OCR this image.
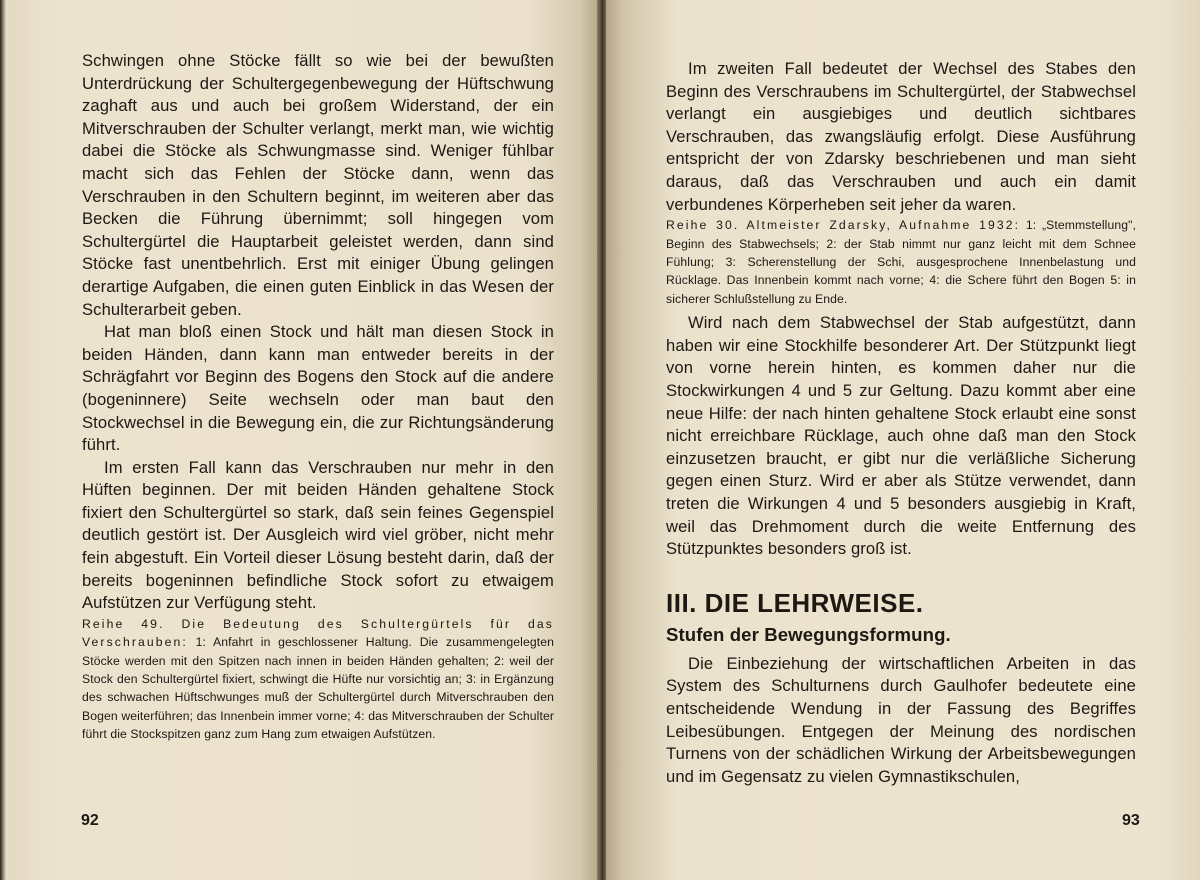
Schwingen ohne Stöcke fällt so wie bei der bewußten Unterdrückung der Schultergegenbewegung der Hüftschwung zaghaft aus und auch bei großem Widerstand, der ein Mitverschrauben der Schulter verlangt, merkt man, wie wichtig dabei die Stöcke als Schwungmasse sind. Weniger fühlbar macht sich das Fehlen der Stöcke dann, wenn das Verschrauben in den Schultern beginnt, im weiteren aber das Becken die Führung übernimmt; soll hingegen vom Schultergürtel die Hauptarbeit geleistet werden, dann sind Stöcke fast unentbehrlich. Erst mit einiger Übung gelingen derartige Aufgaben, die einen guten Einblick in das Wesen der Schulterarbeit geben.

Hat man bloß einen Stock und hält man diesen Stock in beiden Händen, dann kann man entweder bereits in der Schrägfahrt vor Beginn des Bogens den Stock auf die andere (bogeninnere) Seite wechseln oder man baut den Stockwechsel in die Bewegung ein, die zur Richtungsänderung führt.

Im ersten Fall kann das Verschrauben nur mehr in den Hüften beginnen. Der mit beiden Händen gehaltene Stock fixiert den Schultergürtel so stark, daß sein feines Gegenspiel deutlich gestört ist. Der Ausgleich wird viel gröber, nicht mehr fein abgestuft. Ein Vorteil dieser Lösung besteht darin, daß der bereits bogeninnen befindliche Stock sofort zu etwaigem Aufstützen zur Verfügung steht.

Reihe 49. Die Bedeutung des Schultergürtels für das Verschrauben: 1: Anfahrt in geschlossener Haltung. Die zusammengelegten Stöcke werden mit den Spitzen nach innen in beiden Händen gehalten; 2: weil der Stock den Schultergürtel fixiert, schwingt die Hüfte nur vorsichtig an; 3: in Ergänzung des schwachen Hüftschwunges muß der Schultergürtel durch Mitverschrauben den Bogen weiterführen; das Innenbein immer vorne; 4: das Mitverschrauben der Schulter führt die Stockspitzen ganz zum Hang zum etwaigen Aufstützen.

92

Im zweiten Fall bedeutet der Wechsel des Stabes den Beginn des Verschraubens im Schultergürtel, der Stabwechsel verlangt ein ausgiebiges und deutlich sichtbares Verschrauben, das zwangsläufig erfolgt. Diese Ausführung entspricht der von Zdarsky beschriebenen und man sieht daraus, daß das Verschrauben und auch ein damit verbundenes Körperheben seit jeher da waren.

Reihe 30. Altmeister Zdarsky, Aufnahme 1932: 1: „Stemmstellung", Beginn des Stabwechsels; 2: der Stab nimmt nur ganz leicht mit dem Schnee Fühlung; 3: Scherenstellung der Schi, ausgesprochene Innenbelastung und Rücklage. Das Innenbein kommt nach vorne; 4: die Schere führt den Bogen 5: in sicherer Schlußstellung zu Ende.

Wird nach dem Stabwechsel der Stab aufgestützt, dann haben wir eine Stockhilfe besonderer Art. Der Stützpunkt liegt von vorne herein hinten, es kommen daher nur die Stockwirkungen 4 und 5 zur Geltung. Dazu kommt aber eine neue Hilfe: der nach hinten gehaltene Stock erlaubt eine sonst nicht erreichbare Rücklage, auch ohne daß man den Stock einzusetzen braucht, er gibt nur die verläßliche Sicherung gegen einen Sturz. Wird er aber als Stütze verwendet, dann treten die Wirkungen 4 und 5 besonders ausgiebig in Kraft, weil das Drehmoment durch die weite Entfernung des Stützpunktes besonders groß ist.

III. DIE LEHRWEISE.
Stufen der Bewegungsformung.

Die Einbeziehung der wirtschaftlichen Arbeiten in das System des Schulturnens durch Gaulhofer bedeutete eine entscheidende Wendung in der Fassung des Begriffes Leibesübungen. Entgegen der Meinung des nordischen Turnens von der schädlichen Wirkung der Arbeitsbewegungen und im Gegensatz zu vielen Gymnastikschulen,

93
